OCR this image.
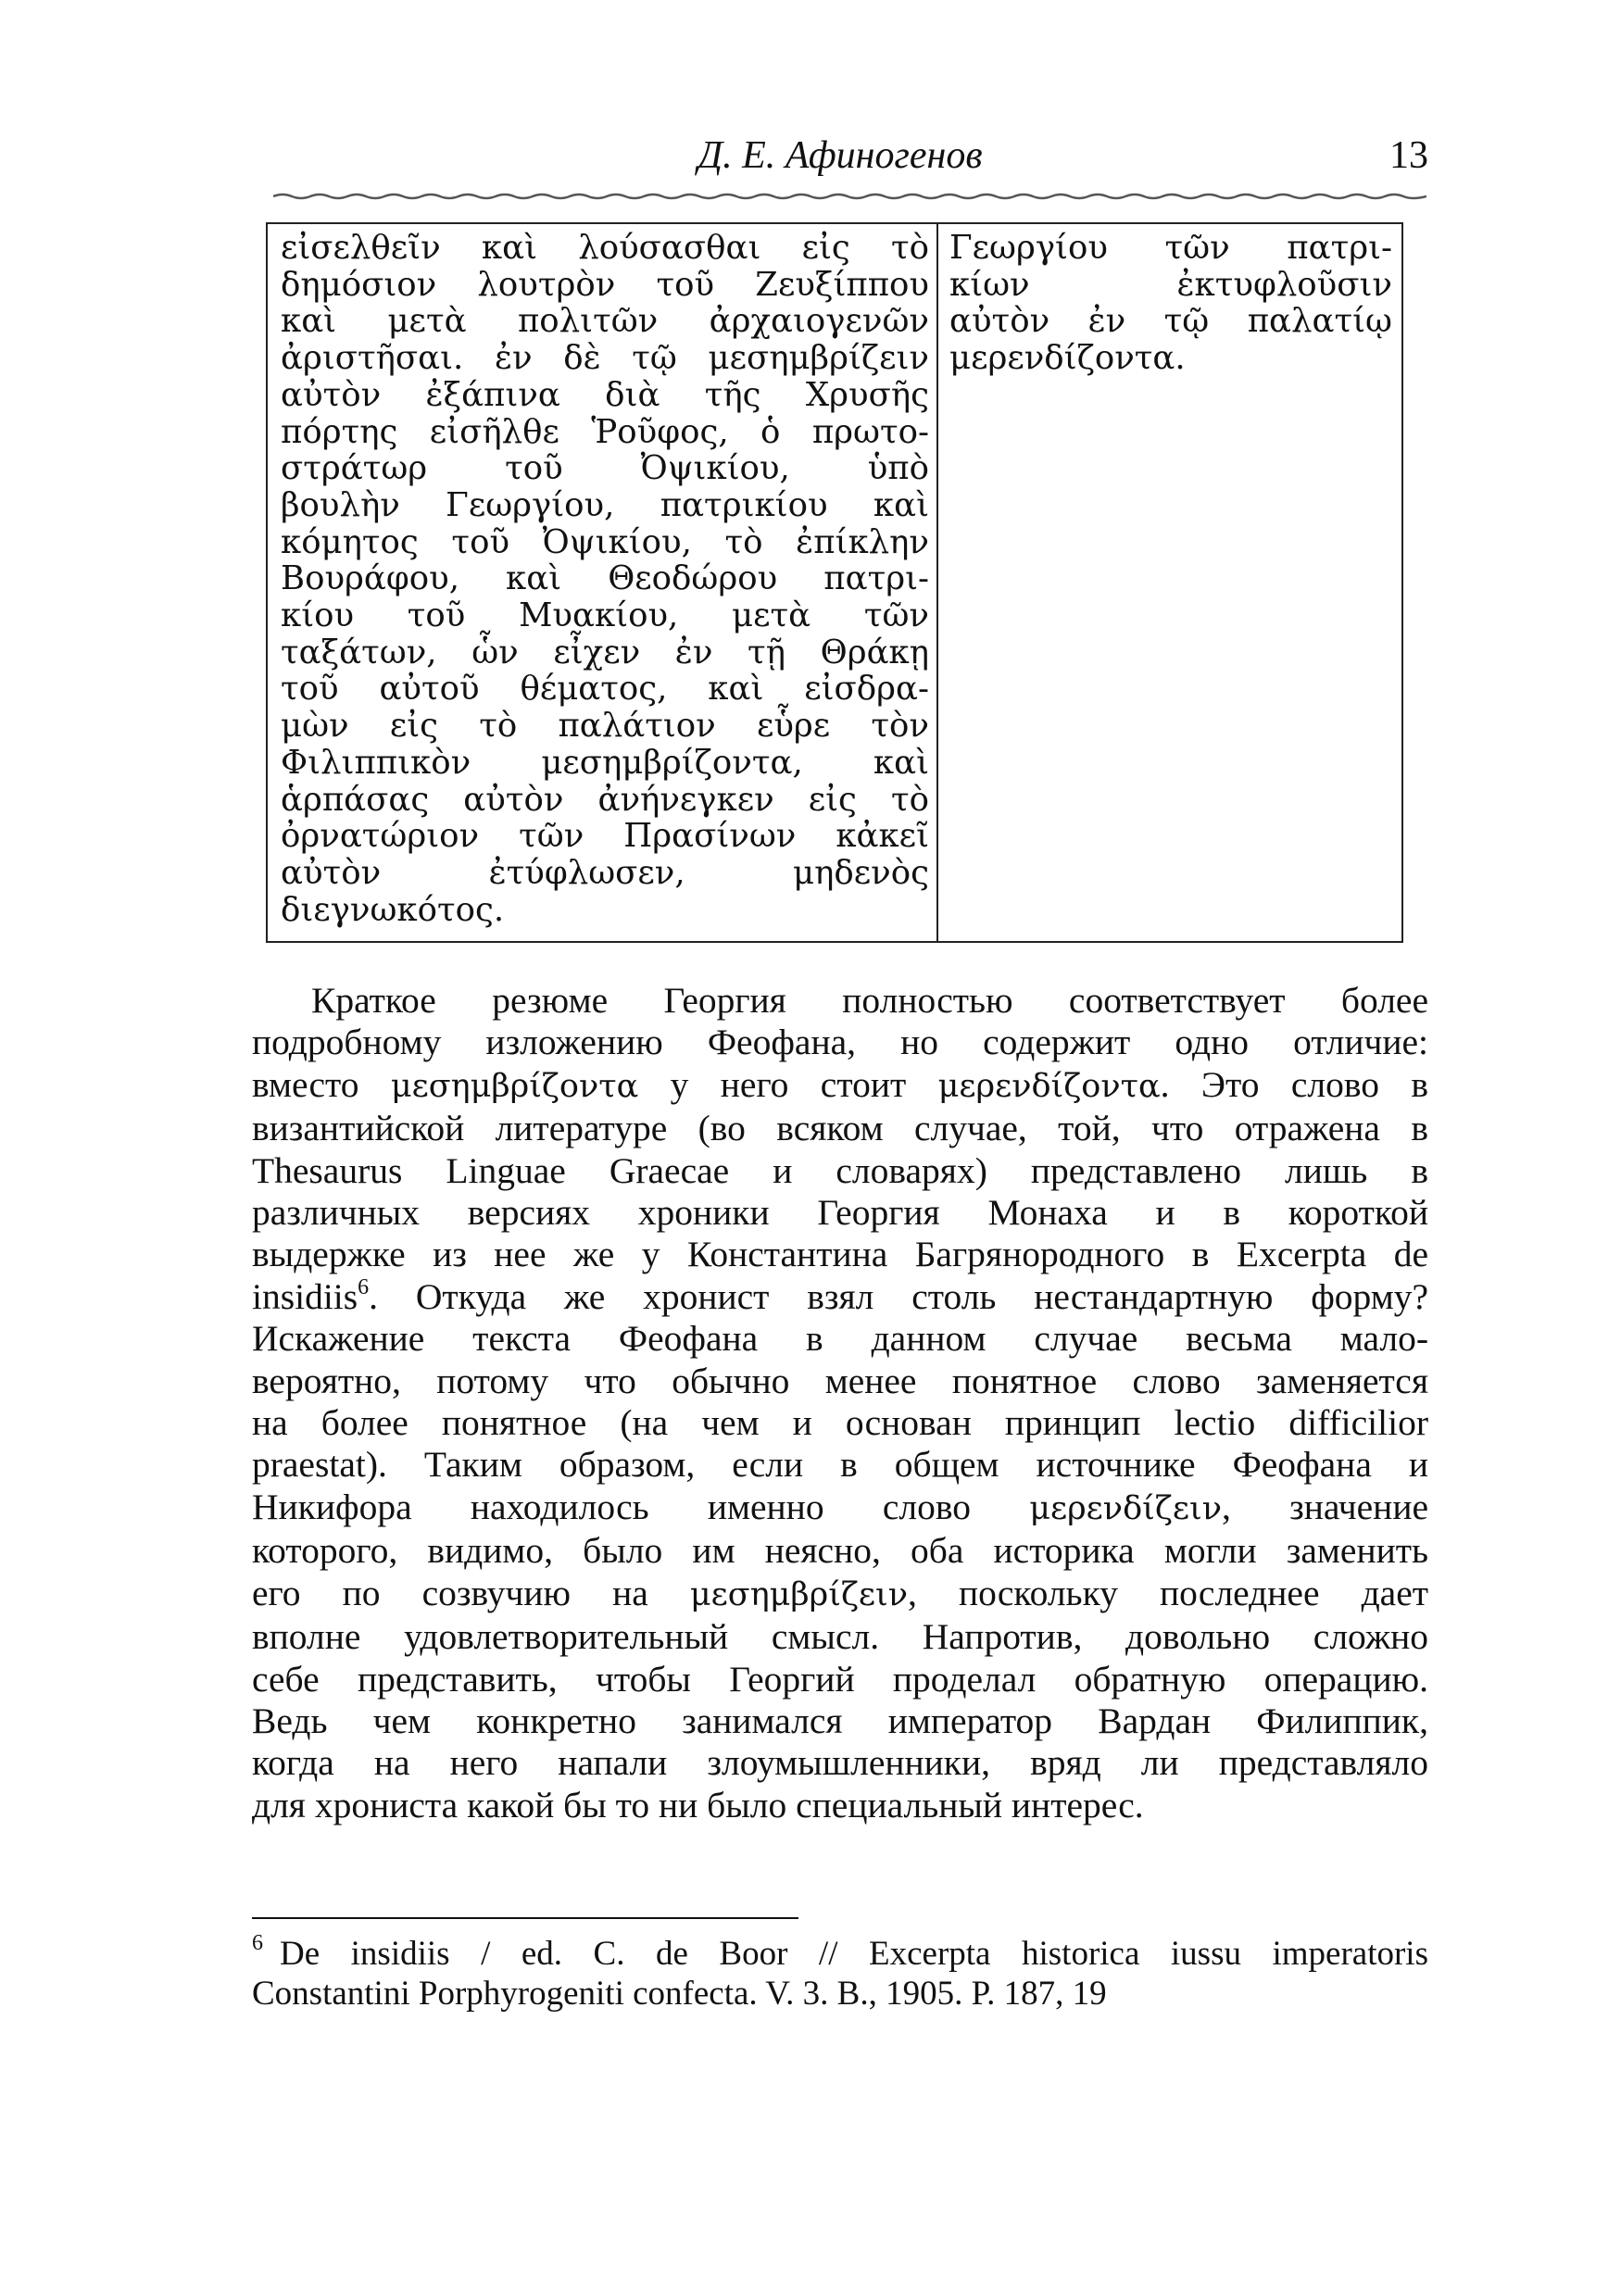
Д. Е. Афиногенов	13
εἰσελθεῖν καὶ λούσασθαι εἰς τὸ
δημόσιον λουτρὸν τοῦ Ζευξίππου
καὶ μετὰ πολιτῶν ἀρχαιογενῶν
ἀριστῆσαι. ἐν δὲ τῷ μεσημβρίζειν
αὐτὸν ἐξάπινα διὰ τῆς Χρυσῆς
πόρτης εἰσῆλθε Ῥοῦφος, ὁ πρωτο-
στράτωρ τοῦ Ὀψικίου, ὑπὸ
βουλὴν Γεωργίου, πατρικίου καὶ
κόμητος τοῦ Ὀψικίου, τὸ ἐπίκλην
Βουράφου, καὶ Θεοδώρου πατρι-
κίου τοῦ Μυακίου, μετὰ τῶν
ταξάτων, ὧν εἶχεν ἐν τῇ Θράκῃ
τοῦ αὐτοῦ θέματος, καὶ εἰσδρα-
μὼν εἰς τὸ παλάτιον εὗρε τὸν
Φιλιππικὸν μεσημβρίζοντα, καὶ
ἁρπάσας αὐτὸν ἀνήνεγκεν εἰς τὸ
ὀρνατώριον τῶν Πρασίνων κἀκεῖ
αὐτὸν ἐτύφλωσεν, μηδενὸς
διεγνωκότος.
Γεωργίου τῶν πατρι-
κίων ἐκτυφλοῦσιν
αὐτὸν ἐν τῷ παλατίῳ
μερενδίζοντα.
Краткое резюме Георгия полностью соответствует более
подробному изложению Феофана, но содержит одно отличие:
вместо μεσημβρίζοντα у него стоит μερενδίζοντα. Это слово в
византийской литературе (во всяком случае, той, что отражена в
Thesaurus Linguae Graecae и словарях) представлено лишь в
различных версиях хроники Георгия Монаха и в короткой
выдержке из нее же у Константина Багрянородного в Excerpta de
insidiis$^6$. Откуда же хронист взял столь нестандартную форму?
Искажение текста Феофана в данном случае весьма мало-
вероятно, потому что обычно менее понятное слово заменяется
на более понятное (на чем и основан принцип lectio difficilior
praestat). Таким образом, если в общем источнике Феофана и
Никифора находилось именно слово μερενδίζειν, значение
которого, видимо, было им неясно, оба историка могли заменить
его по созвучию на μεσημβρίζειν, поскольку последнее дает
вполне удовлетворительный смысл. Напротив, довольно сложно
себе представить, чтобы Георгий проделал обратную операцию.
Ведь чем конкретно занимался император Вардан Филиппик,
когда на него напали злоумышленники, вряд ли представляло
для хрониста какой бы то ни было специальный интерес.
$^6$ De insidiis / ed. C. de Boor // Excerpta historica iussu imperatoris
Constantini Porphyrogeniti confecta. V. 3. B., 1905. P. 187, 19
